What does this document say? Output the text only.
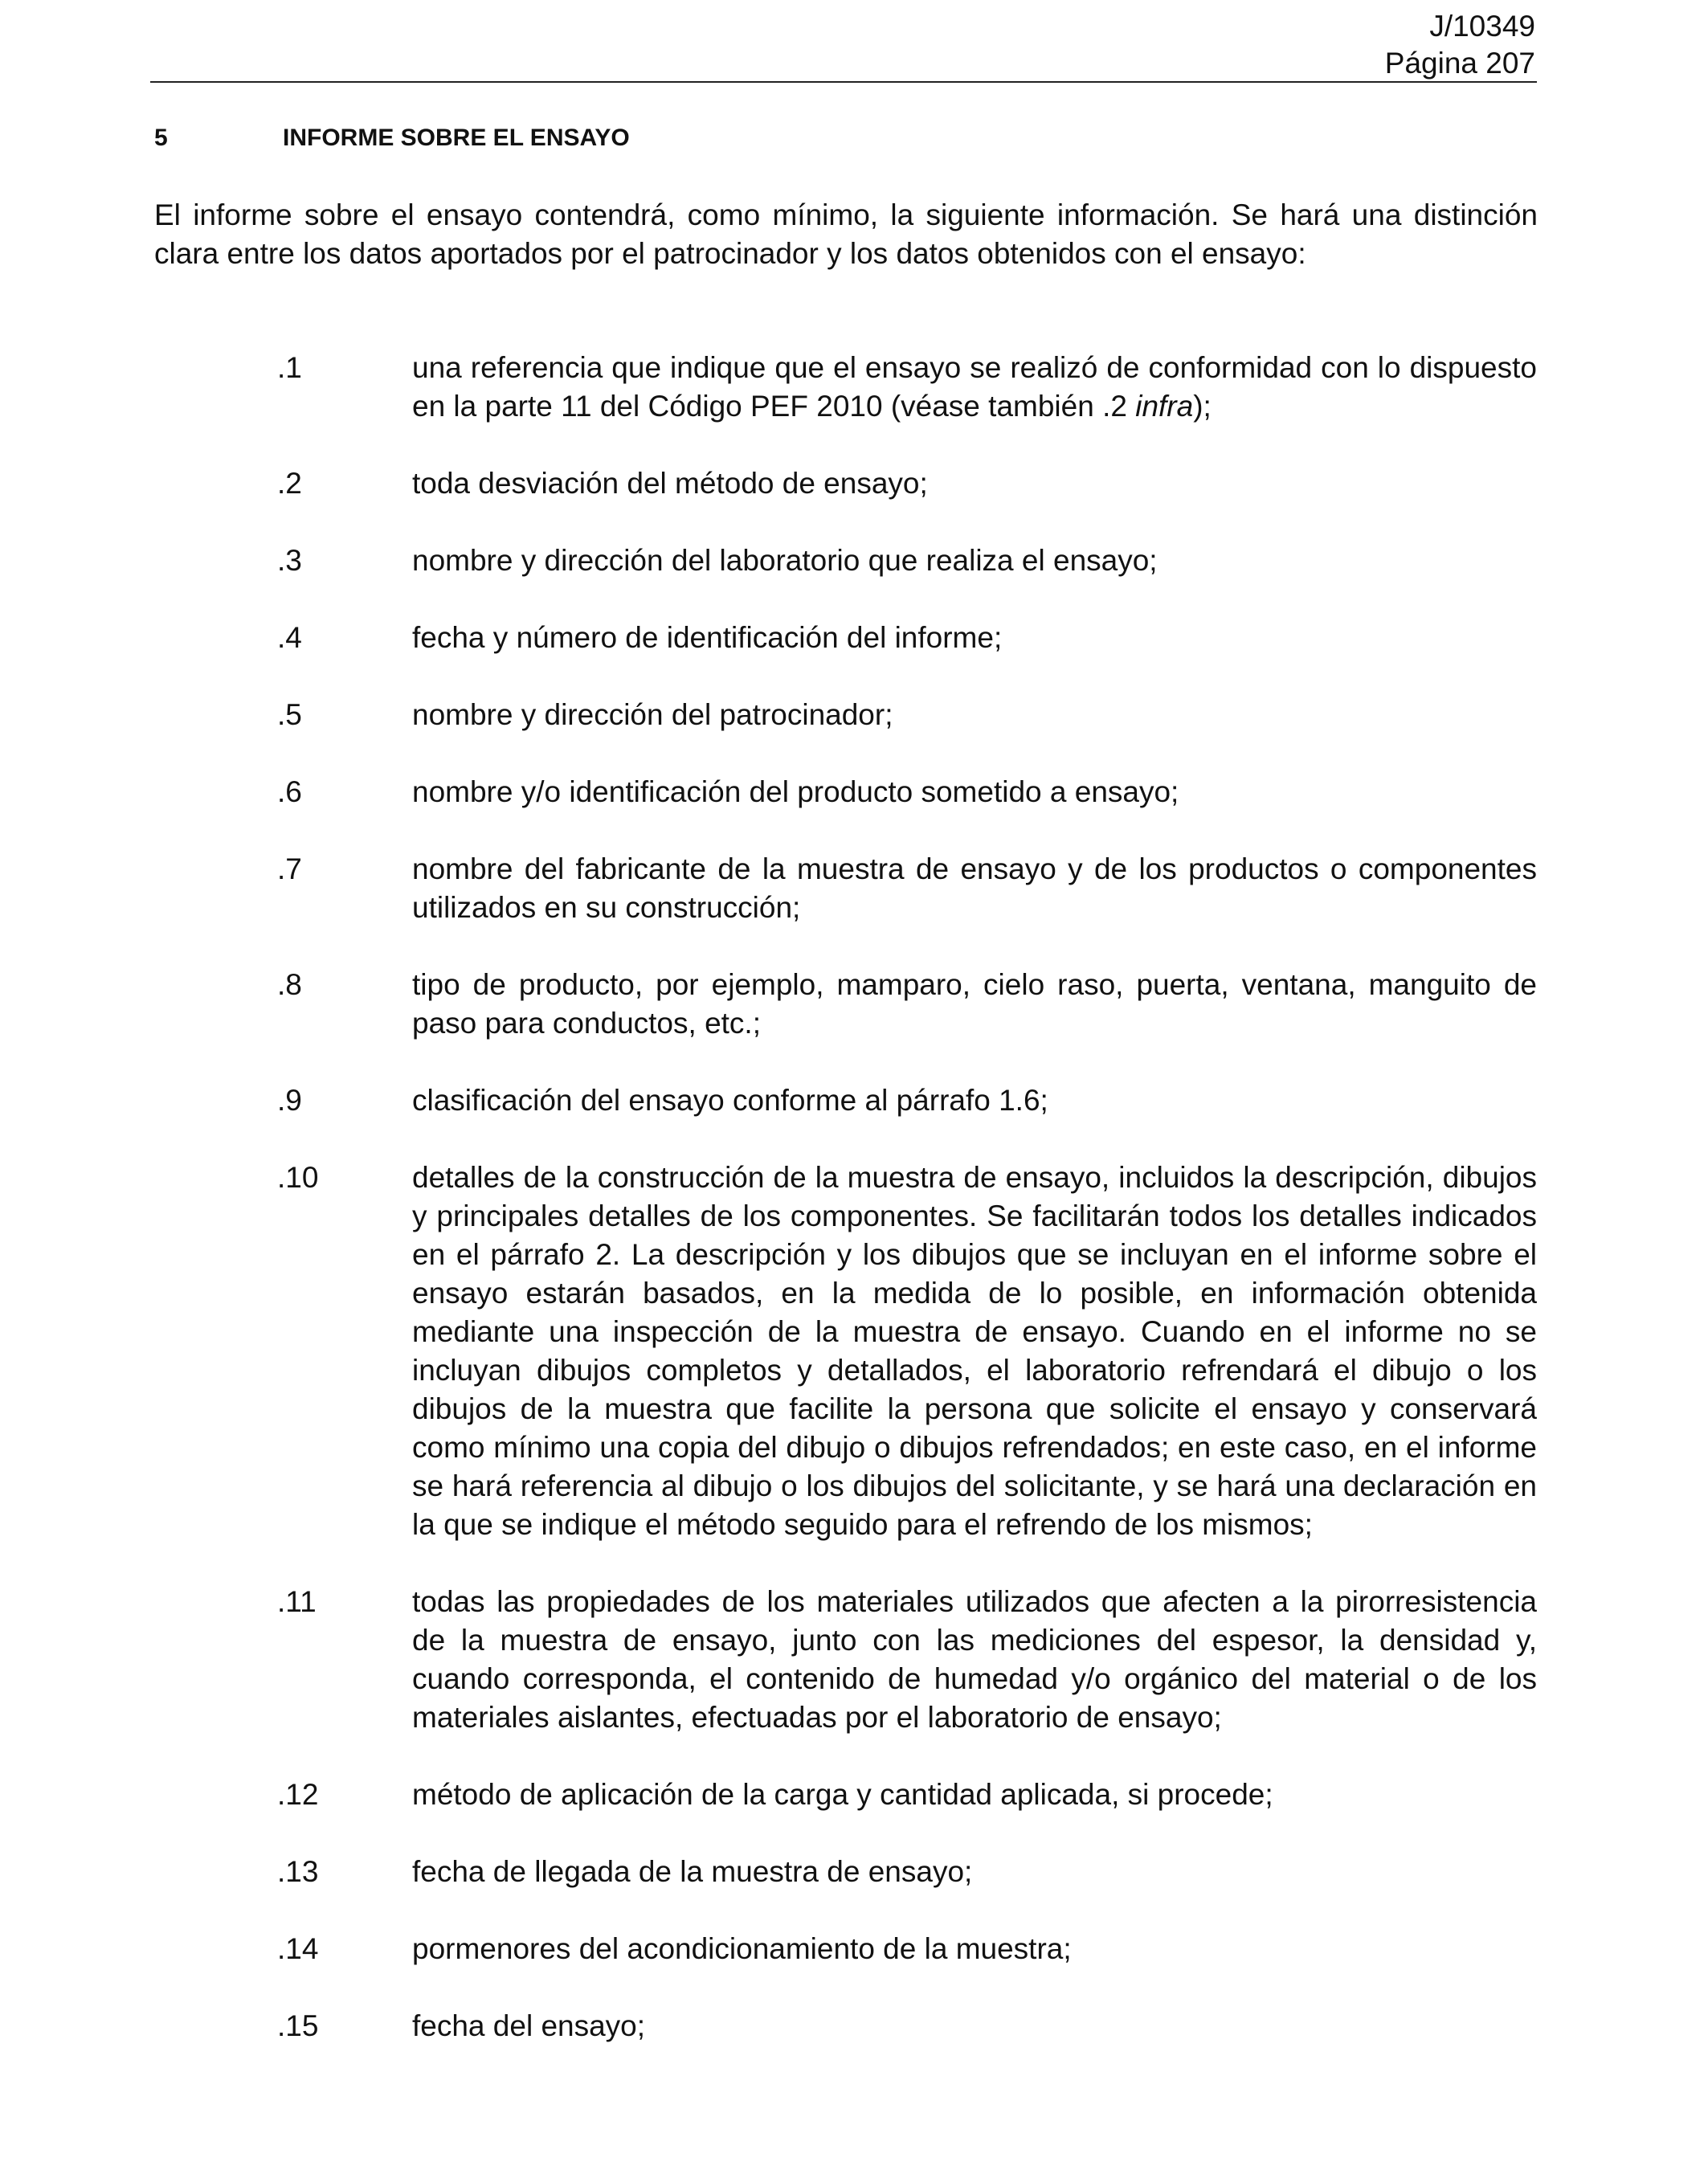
J/10349
Página 207
5	INFORME SOBRE EL ENSAYO
El informe sobre el ensayo contendrá, como mínimo, la siguiente información. Se hará una distinción clara entre los datos aportados por el patrocinador y los datos obtenidos con el ensayo:
.1	una referencia que indique que el ensayo se realizó de conformidad con lo dispuesto en la parte 11 del Código PEF 2010 (véase también .2 infra);
.2	toda desviación del método de ensayo;
.3	nombre y dirección del laboratorio que realiza el ensayo;
.4	fecha y número de identificación del informe;
.5	nombre y dirección del patrocinador;
.6	nombre y/o identificación del producto sometido a ensayo;
.7	nombre del fabricante de la muestra de ensayo y de los productos o componentes utilizados en su construcción;
.8	tipo de producto, por ejemplo, mamparo, cielo raso, puerta, ventana, manguito de paso para conductos, etc.;
.9	clasificación del ensayo conforme al párrafo 1.6;
.10	detalles de la construcción de la muestra de ensayo, incluidos la descripción, dibujos y principales detalles de los componentes. Se facilitarán todos los detalles indicados en el párrafo 2. La descripción y los dibujos que se incluyan en el informe sobre el ensayo estarán basados, en la medida de lo posible, en información obtenida mediante una inspección de la muestra de ensayo. Cuando en el informe no se incluyan dibujos completos y detallados, el laboratorio refrendará el dibujo o los dibujos de la muestra que facilite la persona que solicite el ensayo y conservará como mínimo una copia del dibujo o dibujos refrendados; en este caso, en el informe se hará referencia al dibujo o los dibujos del solicitante, y se hará una declaración en la que se indique el método seguido para el refrendo de los mismos;
.11	todas las propiedades de los materiales utilizados que afecten a la pirorresistencia de la muestra de ensayo, junto con las mediciones del espesor, la densidad y, cuando corresponda, el contenido de humedad y/o orgánico del material o de los materiales aislantes, efectuadas por el laboratorio de ensayo;
.12	método de aplicación de la carga y cantidad aplicada, si procede;
.13	fecha de llegada de la muestra de ensayo;
.14	pormenores del acondicionamiento de la muestra;
.15	fecha del ensayo;
